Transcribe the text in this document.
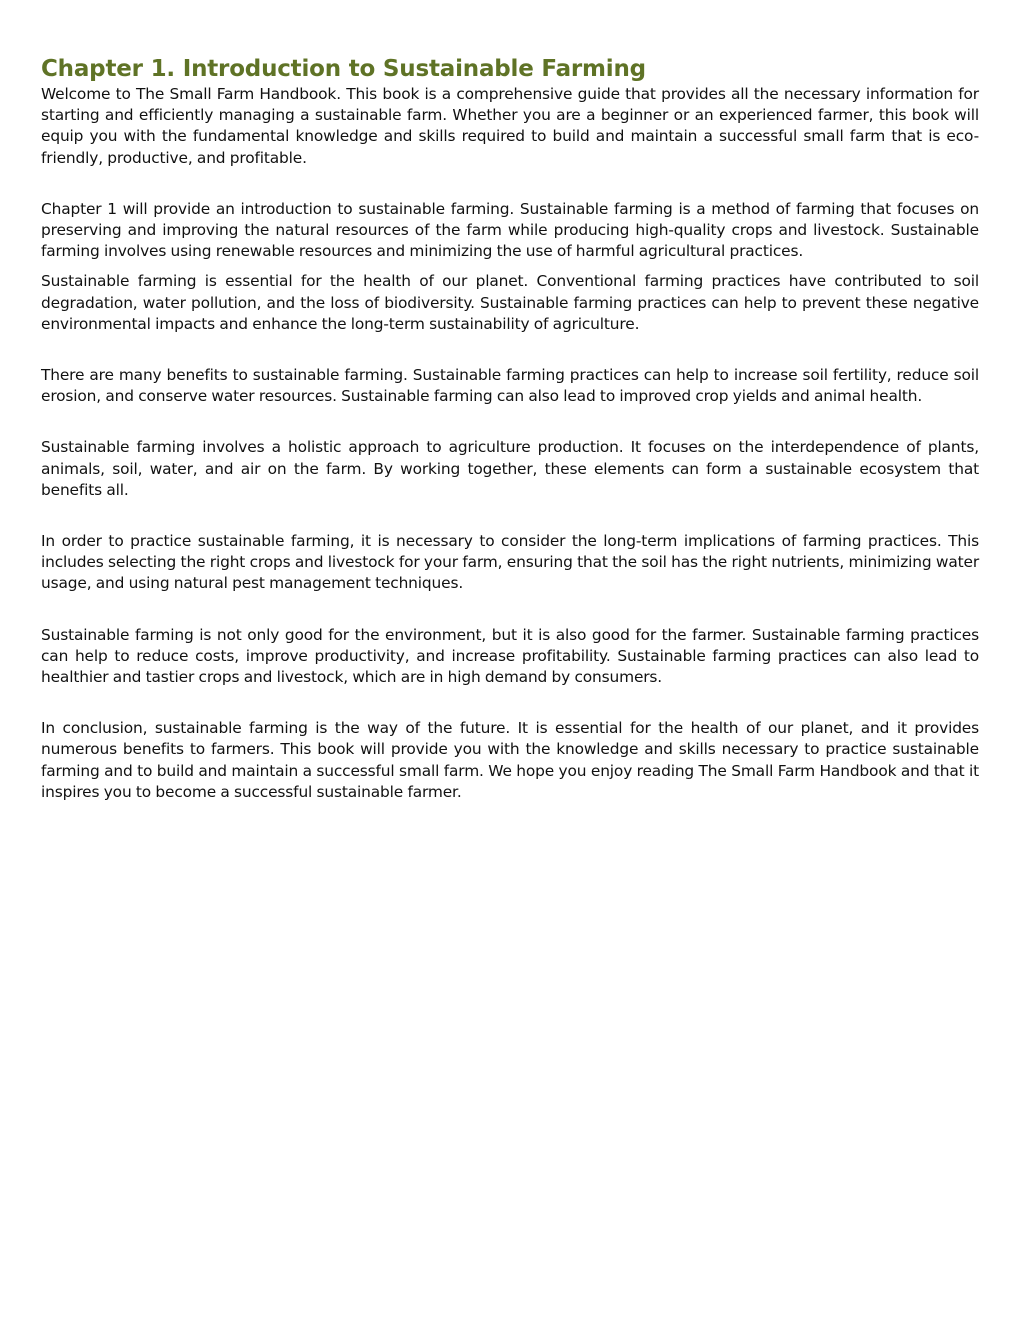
Chapter 1. Introduction to Sustainable Farming

Welcome to The Small Farm Handbook. This book is a comprehensive guide that provides all the necessary information for starting and efficiently managing a sustainable farm. Whether you are a beginner or an experienced farmer, this book will equip you with the fundamental knowledge and skills required to build and maintain a successful small farm that is eco-friendly, productive, and profitable.

Chapter 1 will provide an introduction to sustainable farming. Sustainable farming is a method of farming that focuses on preserving and improving the natural resources of the farm while producing high-quality crops and livestock. Sustainable farming involves using renewable resources and minimizing the use of harmful agricultural practices.

Sustainable farming is essential for the health of our planet. Conventional farming practices have contributed to soil degradation, water pollution, and the loss of biodiversity. Sustainable farming practices can help to prevent these negative environmental impacts and enhance the long-term sustainability of agriculture.

There are many benefits to sustainable farming. Sustainable farming practices can help to increase soil fertility, reduce soil erosion, and conserve water resources. Sustainable farming can also lead to improved crop yields and animal health.

Sustainable farming involves a holistic approach to agriculture production. It focuses on the interdependence of plants, animals, soil, water, and air on the farm. By working together, these elements can form a sustainable ecosystem that benefits all.

In order to practice sustainable farming, it is necessary to consider the long-term implications of farming practices. This includes selecting the right crops and livestock for your farm, ensuring that the soil has the right nutrients, minimizing water usage, and using natural pest management techniques.

Sustainable farming is not only good for the environment, but it is also good for the farmer. Sustainable farming practices can help to reduce costs, improve productivity, and increase profitability. Sustainable farming practices can also lead to healthier and tastier crops and livestock, which are in high demand by consumers.

In conclusion, sustainable farming is the way of the future. It is essential for the health of our planet, and it provides numerous benefits to farmers. This book will provide you with the knowledge and skills necessary to practice sustainable farming and to build and maintain a successful small farm. We hope you enjoy reading The Small Farm Handbook and that it inspires you to become a successful sustainable farmer.
